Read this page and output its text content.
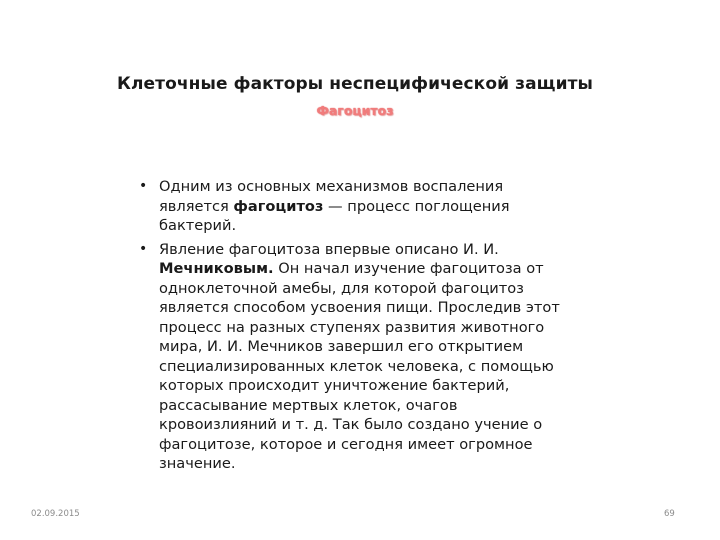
Клеточные факторы неспецифической защиты
Фагоцитоз
• Одним из основных механизмов воспаления
является фагоцитоз — процесс поглощения
бактерий.
• Явление фагоцитоза впервые описано И. И.
Мечниковым. Он начал изучение фагоцитоза от
одноклеточной амебы, для которой фагоцитоз
является способом усвоения пищи. Проследив этот
процесс на разных ступенях развития животного
мира, И. И. Мечников завершил его открытием
специализированных клеток человека, с помощью
которых происходит уничтожение бактерий,
рассасывание мертвых клеток, очагов
кровоизлияний и т. д. Так было создано учение о
фагоцитозе, которое и сегодня имеет огромное
значение.
02.09.2015	69
